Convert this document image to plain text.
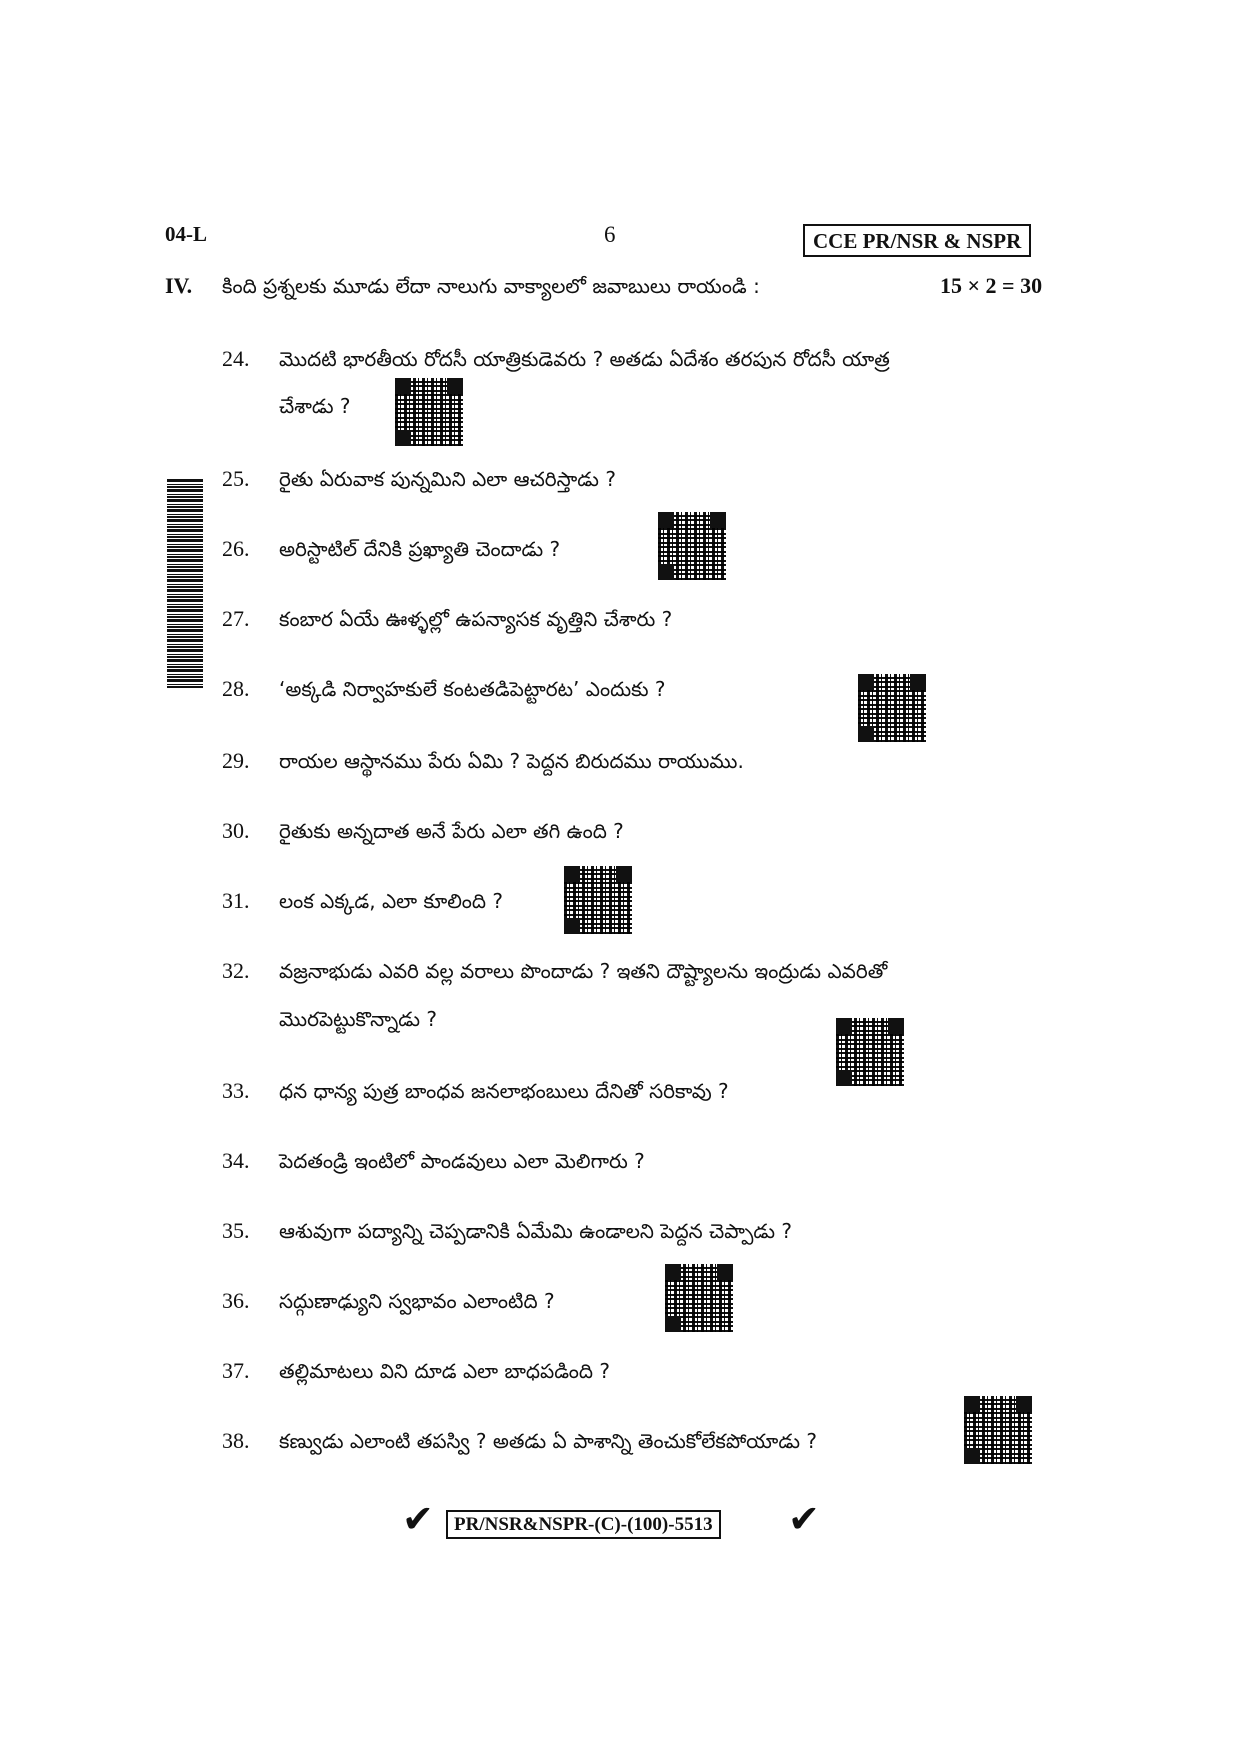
04-L	6	CCE PR/NSR & NSPR
IV. కింది ప్రశ్నలకు మూడు లేదా నాలుగు వాక్యాలలో జవాబులు రాయండి :	15 × 2 = 30
24. మొదటి భారతీయ రోదసీ యాత్రికుడెవరు ? అతడు ఏదేశం తరపున రోదసీ యాత్ర
చేశాడు ?
25. రైతు ఏరువాక పున్నమిని ఎలా ఆచరిస్తాడు ?
26. అరిస్టాటిల్ దేనికి ప్రఖ్యాతి చెందాడు ?
27. కంబార ఏయే ఊళ్ళల్లో ఉపన్యాసక వృత్తిని చేశారు ?
28. ‘అక్కడి నిర్వాహకులే కంటతడిపెట్టారట’ ఎందుకు ?
29. రాయల ఆస్థానము పేరు ఏమి ? పెద్దన బిరుదము రాయుము.
30. రైతుకు అన్నదాత అనే పేరు ఎలా తగి ఉంది ?
31. లంక ఎక్కడ, ఎలా కూలింది ?
32. వజ్రనాభుడు ఎవరి వల్ల వరాలు పొందాడు ? ఇతని దౌష్ట్యాలను ఇంద్రుడు ఎవరితో
మొరపెట్టుకొన్నాడు ?
33. ధన ధాన్య పుత్ర బాంధవ జనలాభంబులు దేనితో సరికావు ?
34. పెదతండ్రి ఇంటిలో పాండవులు ఎలా మెలిగారు ?
35. ఆశువుగా పద్యాన్ని చెప్పడానికి ఏమేమి ఉండాలని పెద్దన చెప్పాడు ?
36. సద్గుణాఢ్యుని స్వభావం ఎలాంటిది ?
37. తల్లిమాటలు విని దూడ ఎలా బాధపడింది ?
38. కణ్వుడు ఎలాంటి తపస్వి ? అతడు ఏ పాశాన్ని తెంచుకోలేకపోయాడు ?
✔	PR/NSR&NSPR-(C)-(100)-5513 ✔
